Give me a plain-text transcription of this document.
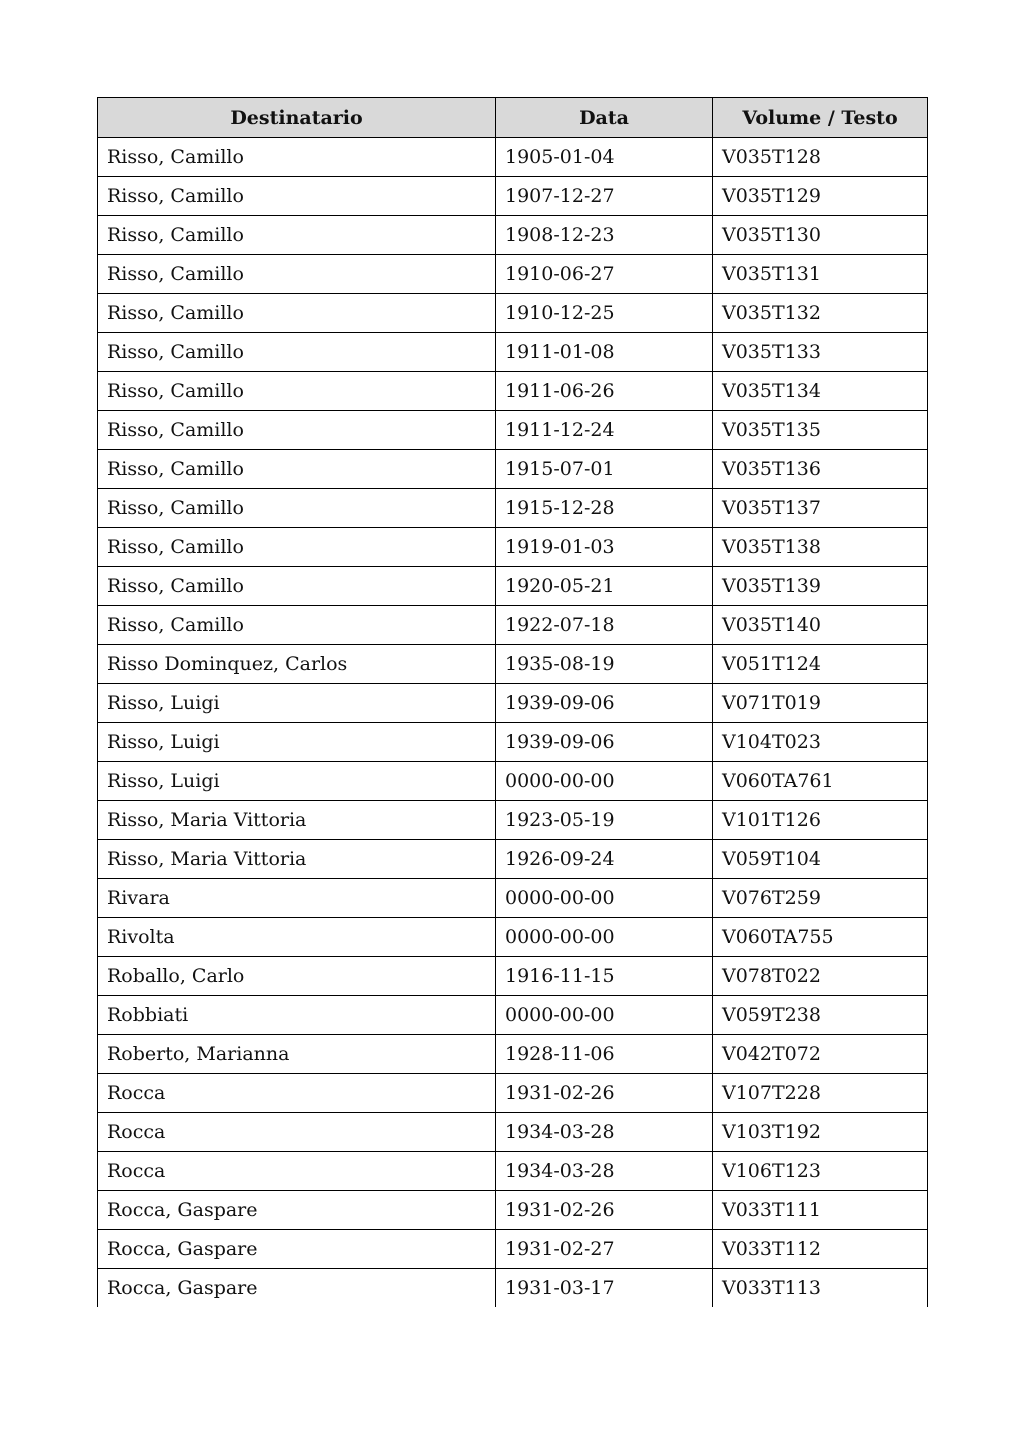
Destinatario	Data	Volume / Testo
Risso, Camillo	1905-01-04	V035T128
Risso, Camillo	1907-12-27	V035T129
Risso, Camillo	1908-12-23	V035T130
Risso, Camillo	1910-06-27	V035T131
Risso, Camillo	1910-12-25	V035T132
Risso, Camillo	1911-01-08	V035T133
Risso, Camillo	1911-06-26	V035T134
Risso, Camillo	1911-12-24	V035T135
Risso, Camillo	1915-07-01	V035T136
Risso, Camillo	1915-12-28	V035T137
Risso, Camillo	1919-01-03	V035T138
Risso, Camillo	1920-05-21	V035T139
Risso, Camillo	1922-07-18	V035T140
Risso Dominquez, Carlos	1935-08-19	V051T124
Risso, Luigi	1939-09-06	V071T019
Risso, Luigi	1939-09-06	V104T023
Risso, Luigi	0000-00-00	V060TA761
Risso, Maria Vittoria	1923-05-19	V101T126
Risso, Maria Vittoria	1926-09-24	V059T104
Rivara	0000-00-00	V076T259
Rivolta	0000-00-00	V060TA755
Roballo, Carlo	1916-11-15	V078T022
Robbiati	0000-00-00	V059T238
Roberto, Marianna	1928-11-06	V042T072
Rocca	1931-02-26	V107T228
Rocca	1934-03-28	V103T192
Rocca	1934-03-28	V106T123
Rocca, Gaspare	1931-02-26	V033T111
Rocca, Gaspare	1931-02-27	V033T112
Rocca, Gaspare	1931-03-17	V033T113
